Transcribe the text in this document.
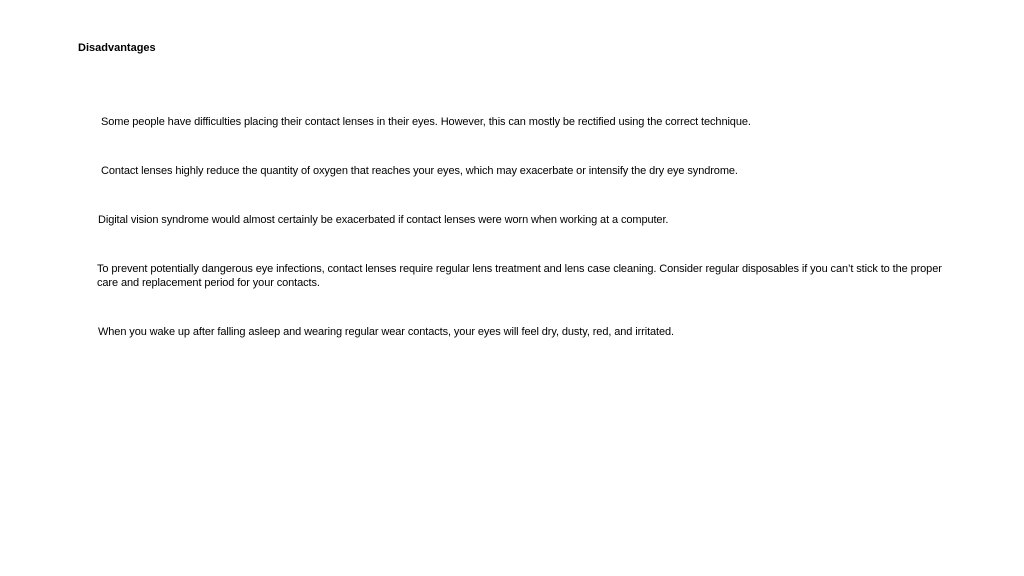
Disadvantages
Some people have difficulties placing their contact lenses in their eyes. However, this can mostly be rectified using the correct technique.
Contact lenses highly reduce the quantity of oxygen that reaches your eyes, which may exacerbate or intensify the dry eye syndrome.
Digital vision syndrome would almost certainly be exacerbated if contact lenses were worn when working at a computer.
To prevent potentially dangerous eye infections, contact lenses require regular lens treatment and lens case cleaning. Consider regular disposables if you can’t stick to the proper care and replacement period for your contacts.
When you wake up after falling asleep and wearing regular wear contacts, your eyes will feel dry, dusty, red, and irritated.
